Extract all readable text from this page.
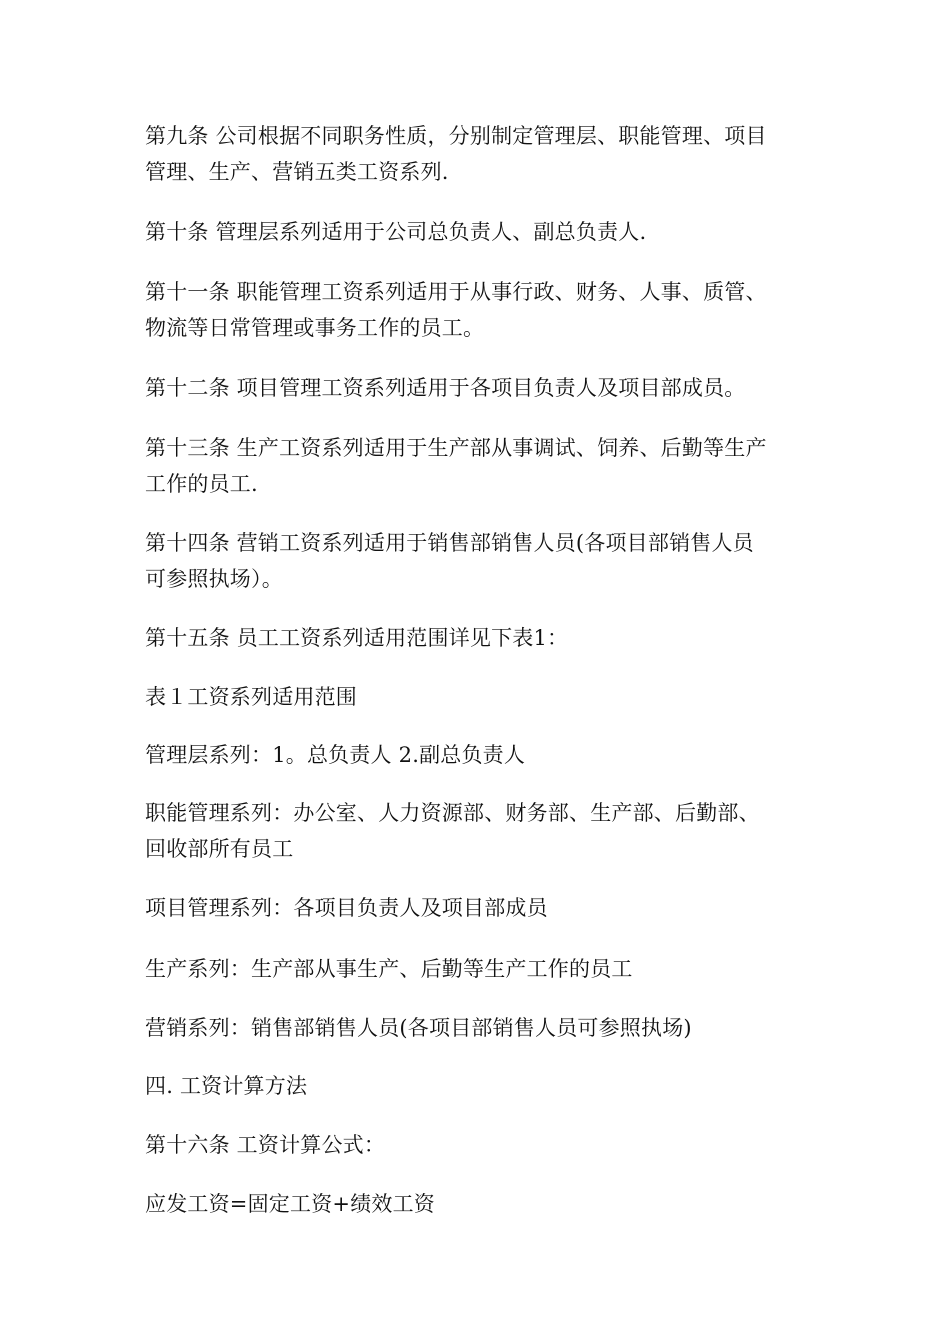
第九条 公司根据不同职务性质，分别制定管理层、职能管理、项目
管理、生产、营销五类工资系列.

第十条 管理层系列适用于公司总负责人、副总负责人.

第十一条 职能管理工资系列适用于从事行政、财务、人事、质管、
物流等日常管理或事务工作的员工。

第十二条 项目管理工资系列适用于各项目负责人及项目部成员。

第十三条 生产工资系列适用于生产部从事调试、饲养、后勤等生产
工作的员工.

第十四条 营销工资系列适用于销售部销售人员(各项目部销售人员
可参照执场）。

第十五条 员工工资系列适用范围详见下表1：

表１工资系列适用范围

管理层系列：1。总负责人 2.副总负责人

职能管理系列：办公室、人力资源部、财务部、生产部、后勤部、
回收部所有员工

项目管理系列：各项目负责人及项目部成员

生产系列：生产部从事生产、后勤等生产工作的员工

营销系列：销售部销售人员(各项目部销售人员可参照执场)

四. 工资计算方法

第十六条 工资计算公式：

应发工资=固定工资+绩效工资
